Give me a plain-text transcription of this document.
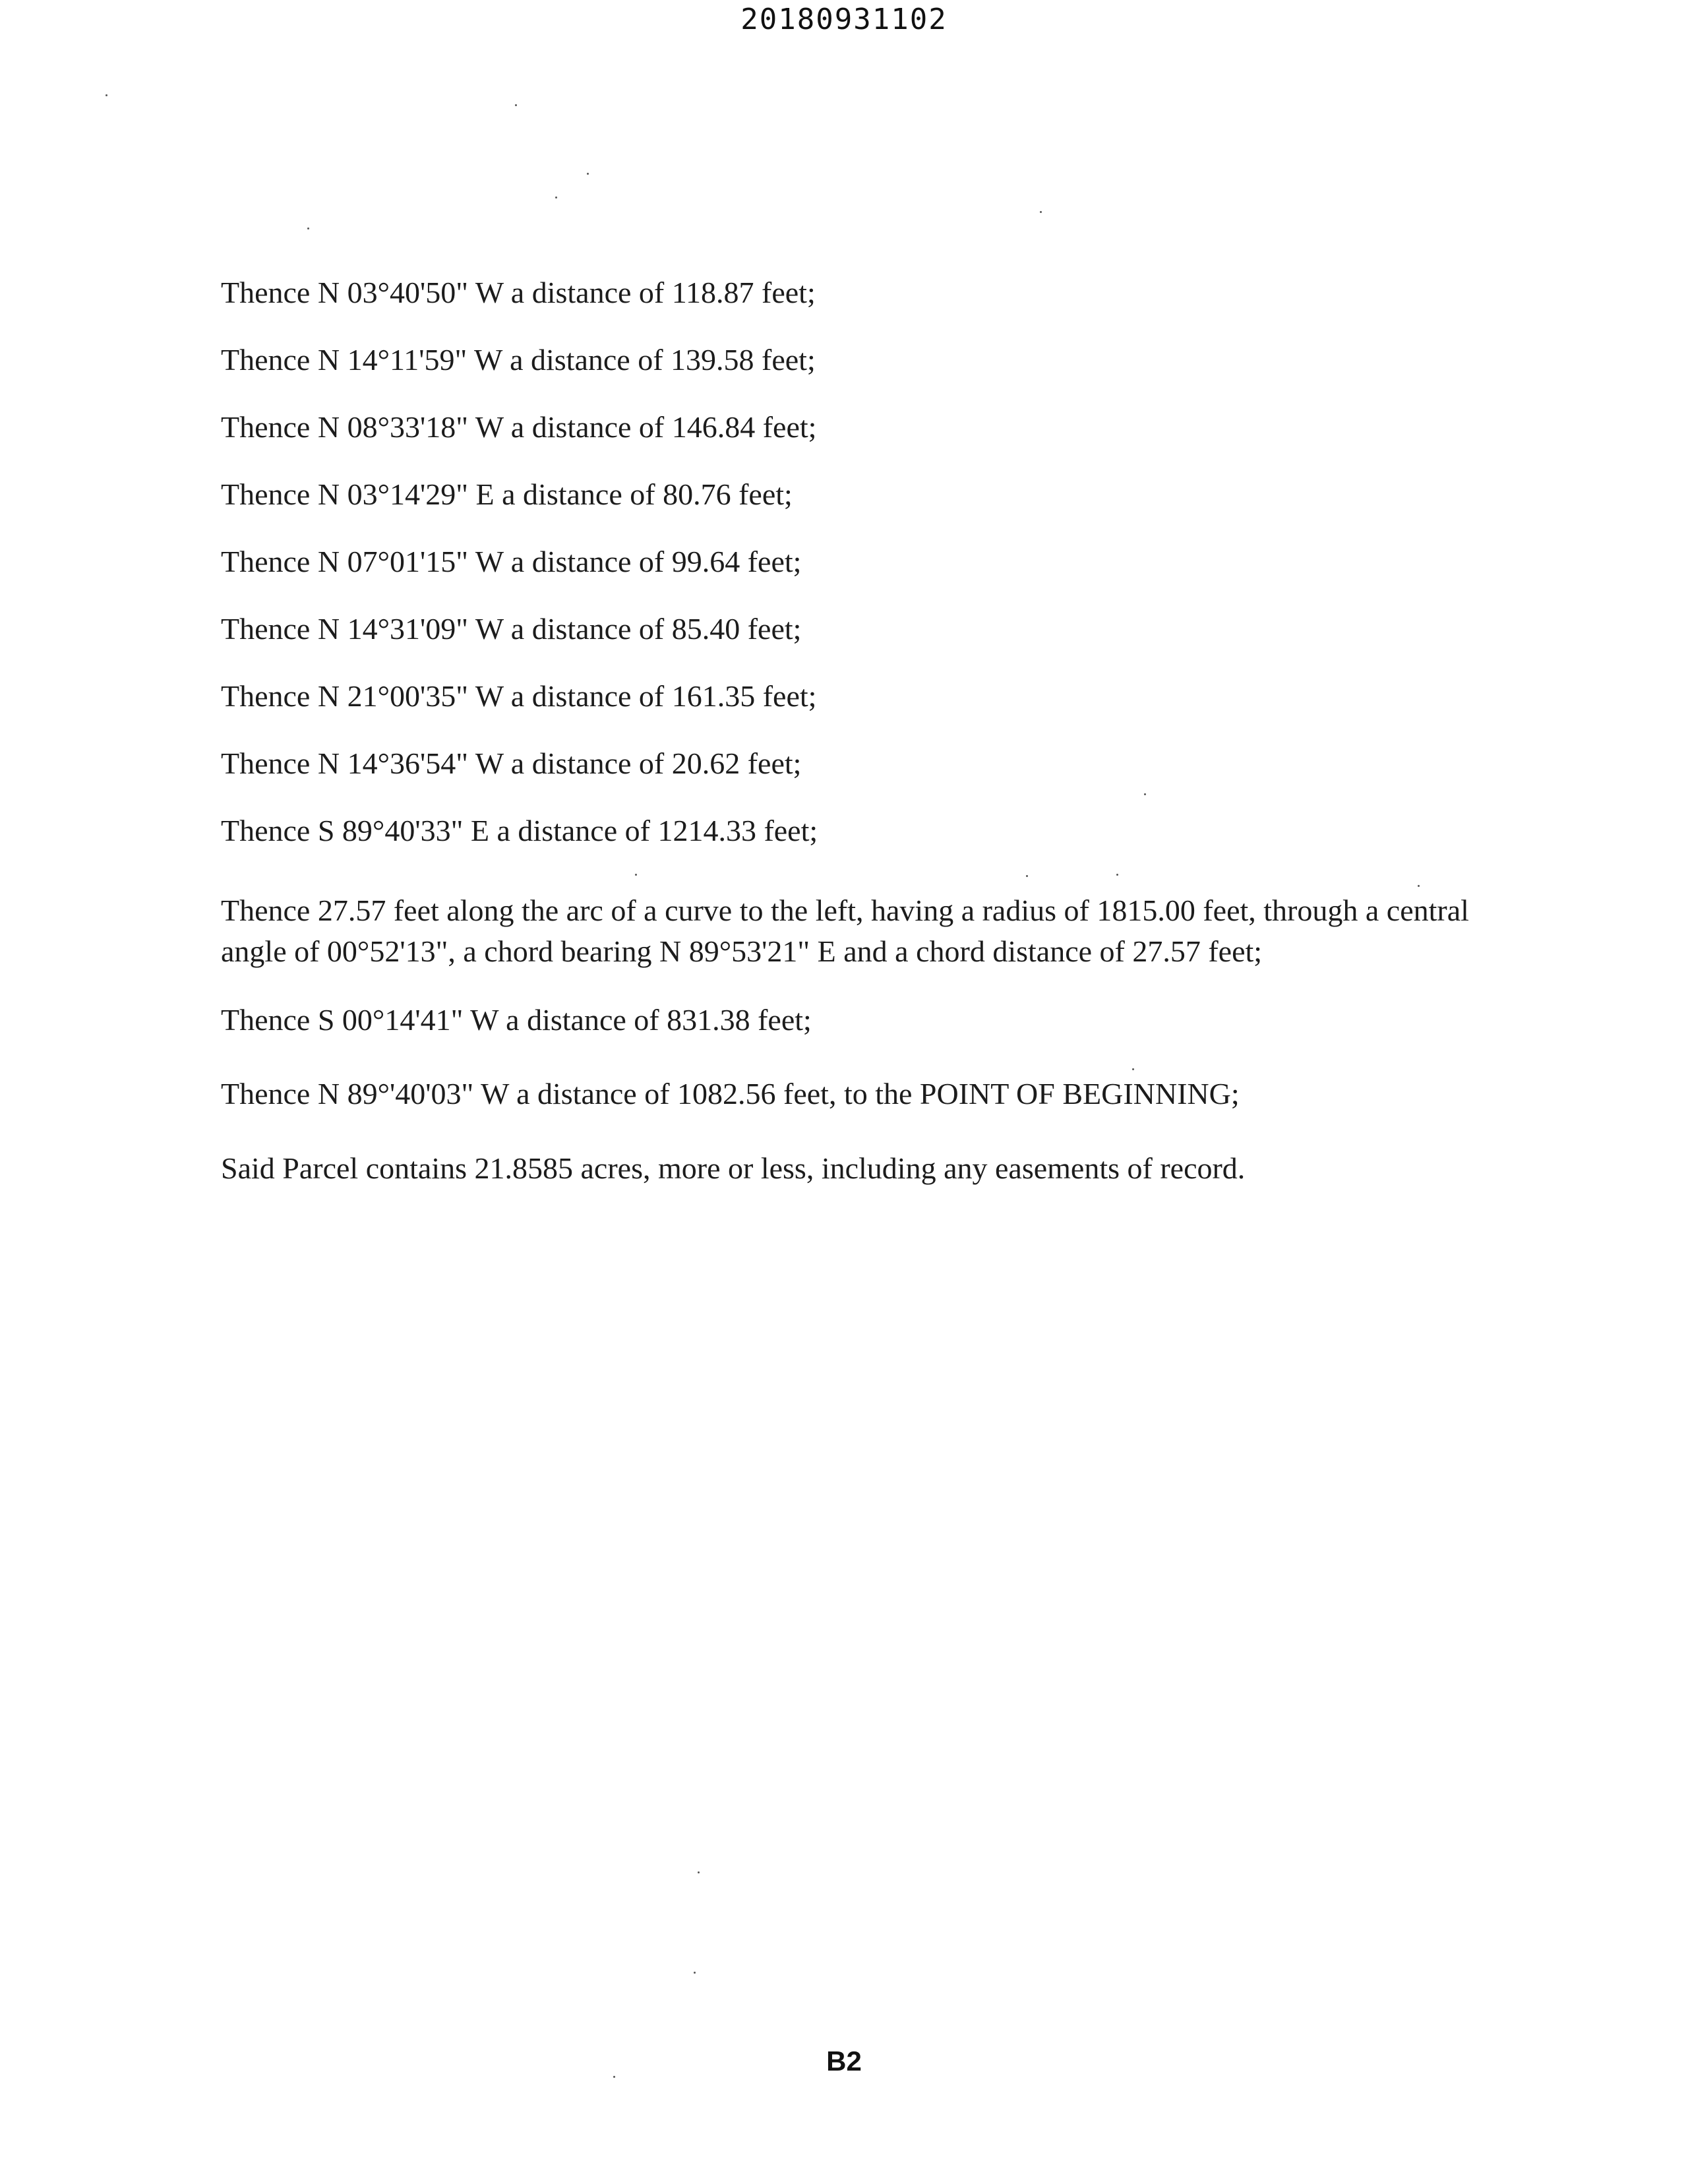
20180931102
Thence N 03°40'50" W a distance of 118.87 feet;
Thence N 14°11'59" W a distance of 139.58 feet;
Thence N 08°33'18" W a distance of 146.84 feet;
Thence N 03°14'29" E a distance of 80.76 feet;
Thence N 07°01'15" W a distance of 99.64 feet;
Thence N 14°31'09" W a distance of 85.40 feet;
Thence N 21°00'35" W a distance of 161.35 feet;
Thence N 14°36'54" W a distance of 20.62 feet;
Thence S 89°40'33" E a distance of 1214.33 feet;
Thence 27.57 feet along the arc of a curve to the left, having a radius of 1815.00 feet, through a central angle of 00°52'13", a chord bearing N 89°53'21" E and a chord distance of 27.57 feet;
Thence S 00°14'41" W a distance of 831.38 feet;
Thence N 89°'40'03" W a distance of 1082.56 feet, to the POINT OF BEGINNING;
Said Parcel contains 21.8585 acres, more or less, including any easements of record.
B2
